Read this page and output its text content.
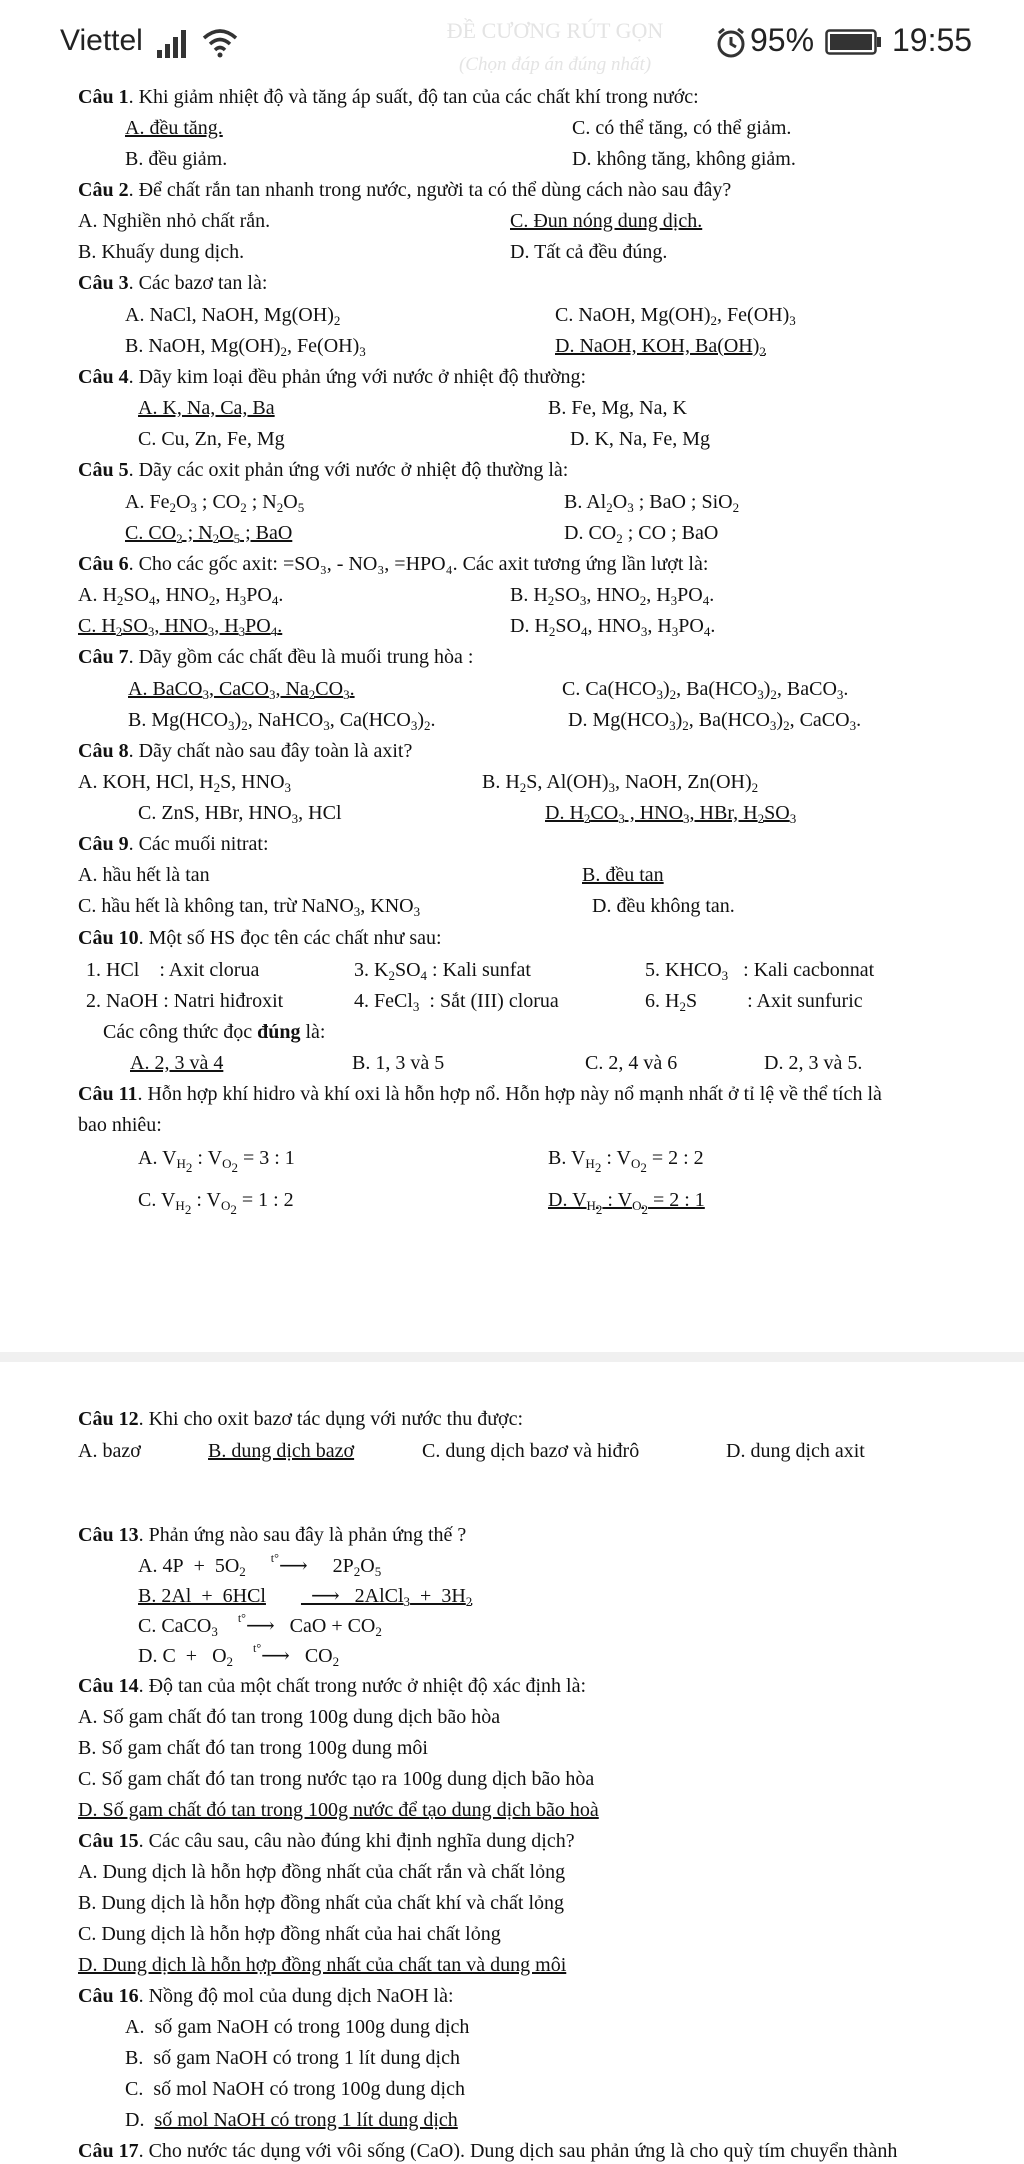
Viettel	ĐỀ CƯƠNG RÚT GỌN
(Chọn đáp án đúng nhất)
95% 19:55
Câu 1. Khi giảm nhiệt độ và tăng áp suất, độ tan của các chất khí trong nước:
A. đều tăng.	C. có thể tăng, có thể giảm.
B. đều giảm.	D. không tăng, không giảm.
Câu 2. Để chất rắn tan nhanh trong nước, người ta có thể dùng cách nào sau đây?
A. Nghiền nhỏ chất rắn.	C. Đun nóng dung dịch.
B. Khuấy dung dịch.	D. Tất cả đều đúng.
Câu 3. Các bazơ tan là:
A. NaCl, NaOH, $Mg(OH)_2$	C. NaOH, $Mg(OH)_2$, $Fe(OH)_3$
B. NaOH, $Mg(OH)_2$, $Fe(OH)_3$	D. NaOH, KOH, $Ba(OH)_2$
Câu 4. Dãy kim loại đều phản ứng với nước ở nhiệt độ thường:
A. K, Na, Ca, Ba	B. Fe, Mg, Na, K
C. Cu, Zn, Fe, Mg	D. K, Na, Fe, Mg
Câu 5. Dãy các oxit phản ứng với nước ở nhiệt độ thường là:
A. $Fe_2O_3$ ; $CO_2$ ; $N_2O_5$	B. $Al_2O_3$ ; BaO ; SiO$_2$
C. $CO_2$ ; $N_2O_5$ ; BaO	D. $CO_2$ ; CO ; BaO
Câu 6. Cho các gốc axit: =SO₃, - NO₃, =HPO₄. Các axit tương ứng lần lượt là:
A. $H_2SO_4$, $HNO_2$, $H_3PO_4$.	B. $H_2SO_3$, $HNO_2$, $H_3PO_4$.
C. $H_2SO_3$, $HNO_3$, $H_3PO_4$.	D. $H_2SO_4$, $HNO_3$, $H_3PO_4$.
Câu 7. Dãy gồm các chất đều là muối trung hòa :
A. BaCO$_3$, CaCO$_3$, $Na_2CO_3$.	C. $Ca(HCO_3)_2$, $Ba(HCO_3)_2$, BaCO$_3$.
B. $Mg(HCO_3)_2$, NaHCO$_3$, $Ca(HCO_3)_2$.	D. $Mg(HCO_3)_2$, $Ba(HCO_3)_2$, CaCO$_3$.
Câu 8. Dãy chất nào sau đây toàn là axit?
A. KOH, HCl, $H_2S$, $HNO_3$	B. $H_2S$, $Al(OH)_3$, NaOH, $Zn(OH)_2$
C. ZnS, HBr, $HNO_3$, HCl	D. $H_2CO_3$ , $HNO_3$, HBr, $H_2SO_3$
Câu 9. Các muối nitrat:
A. hầu hết là tan	B. đều tan
C. hầu hết là không tan, trừ NaNO$_3$, $KNO_3$	D. đều không tan.
Câu 10. Một số HS đọc tên các chất như sau:
1. HCl    : Axit clorua	3. $K_2SO_4$ : Kali sunfat	5. $KHCO_3$ : Kali cacbonnat
2. NaOH : Natri hiđroxit	4. FeCl$_3$ : Sắt (III) clorua	6. $H_2S$          : Axit sunfuric
Các công thức đọc đúng là:
A. 2, 3 và 4	B. 1, 3 và 5	C. 2, 4 và 6	D. 2, 3 và 5.
Câu 11. Hỗn hợp khí hidro và khí oxi là hỗn hợp nổ. Hỗn hợp này nổ mạnh nhất ở tỉ lệ về thể tích là
bao nhiêu:
A. $V_{H_2}$ : $V_{O_2} = 3$ : 1	B. $V_{H_2}$ : $V_{O_2} = 2$ : 2
C. $V_{H_2}$ : $V_{O_2} = 1$ : 2	D. $V_{H_2}$ : $V_{O_2} = 2$ : 1
Câu 12. Khi cho oxit bazơ tác dụng với nước thu được:
A. bazơ	B. dung dịch bazơ	C. dung dịch bazơ và hiđrô	D. dung dịch axit
Câu 13. Phản ứng nào sau đây là phản ứng thế ?
A. $4P + 5O_2$     $^{t^\circ}$⟶     $2P_2O_5$
B. 2Al  +  6HCl         ⟶   2AlCl$_3$  +  $3H_2$
C. CaCO$_3$    $^{t^\circ}$⟶   CaO + $CO_2$
D. $C + O_2$    $^{t^\circ}$⟶   $CO_2$
Câu 14. Độ tan của một chất trong nước ở nhiệt độ xác định là:
A. Số gam chất đó tan trong 100g dung dịch bão hòa
B. Số gam chất đó tan trong 100g dung môi
C. Số gam chất đó tan trong nước tạo ra 100g dung dịch bão hòa
D. Số gam chất đó tan trong 100g nước để tạo dung dịch bão hoà
Câu 15. Các câu sau, câu nào đúng khi định nghĩa dung dịch?
A. Dung dịch là hỗn hợp đồng nhất của chất rắn và chất lỏng
B. Dung dịch là hỗn hợp đồng nhất của chất khí và chất lỏng
C. Dung dịch là hỗn hợp đồng nhất của hai chất lỏng
D. Dung dịch là hỗn hợp đồng nhất của chất tan và dung môi
Câu 16. Nồng độ mol của dung dịch NaOH là:
A.  số gam NaOH có trong 100g dung dịch
B.  số gam NaOH có trong 1 lít dung dịch
C.  số mol NaOH có trong 100g dung dịch
D.  số mol NaOH có trong 1 lít dung dịch
Câu 17. Cho nước tác dụng với vôi sống (CaO). Dung dịch sau phản ứng là cho quỳ tím chuyển thành
